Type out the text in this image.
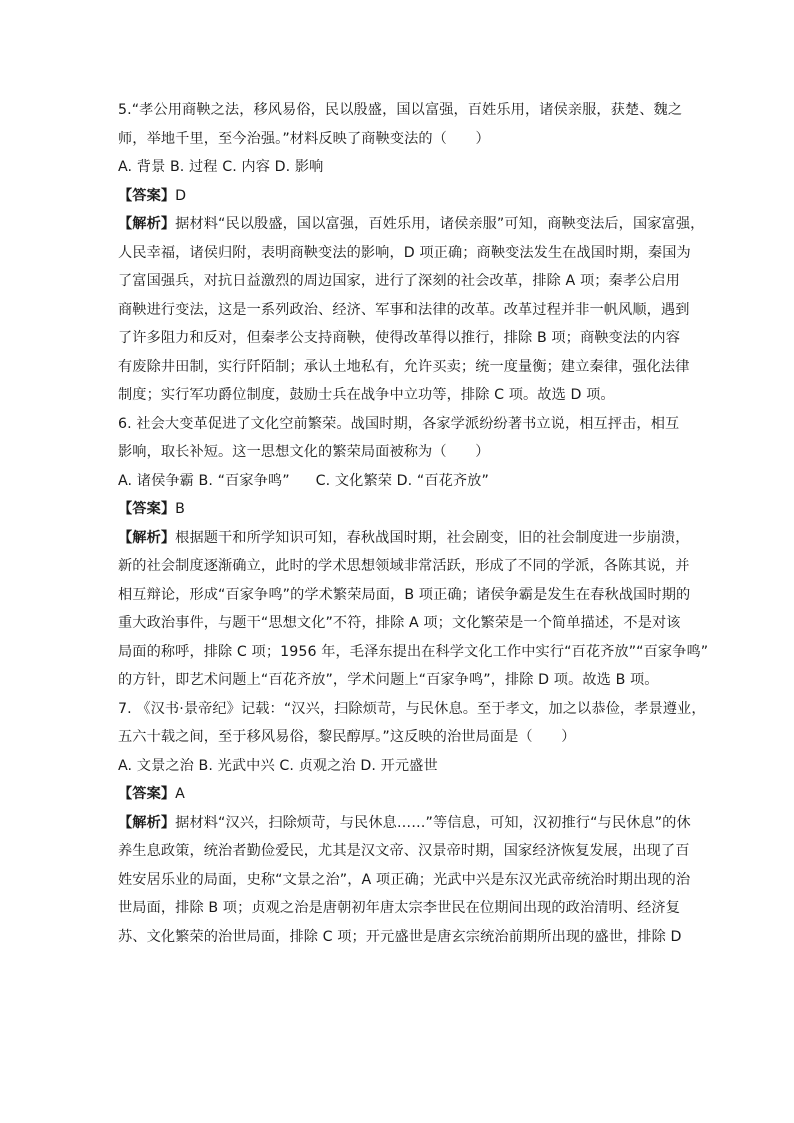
5.“孝公用商鞅之法，移风易俗，民以殷盛，国以富强，百姓乐用，诸侯亲服，获楚、魏之
师，举地千里，至今治强。”材料反映了商鞅变法的（　　）
A. 背景 B. 过程 C. 内容 D. 影响
【答案】D
【解析】据材料“民以殷盛，国以富强，百姓乐用，诸侯亲服”可知，商鞅变法后，国家富强，
人民幸福，诸侯归附，表明商鞅变法的影响，D 项正确；商鞅变法发生在战国时期，秦国为
了富国强兵，对抗日益激烈的周边国家，进行了深刻的社会改革，排除 A 项；秦孝公启用
商鞅进行变法，这是一系列政治、经济、军事和法律的改革。改革过程并非一帆风顺，遇到
了许多阻力和反对，但秦孝公支持商鞅，使得改革得以推行，排除 B 项；商鞅变法的内容
有废除井田制，实行阡陌制；承认土地私有，允许买卖；统一度量衡；建立秦律，强化法律
制度；实行军功爵位制度，鼓励士兵在战争中立功等，排除 C 项。故选 D 项。
6. 社会大变革促进了文化空前繁荣。战国时期，各家学派纷纷著书立说，相互抨击，相互
影响，取长补短。这一思想文化的繁荣局面被称为（　　）
A. 诸侯争霸 B. “百家争鸣” C. 文化繁荣 D. “百花齐放”
【答案】B
【解析】根据题干和所学知识可知，春秋战国时期，社会剧变，旧的社会制度进一步崩溃，
新的社会制度逐渐确立，此时的学术思想领域非常活跃，形成了不同的学派，各陈其说，并
相互辩论，形成“百家争鸣”的学术繁荣局面，B 项正确；诸侯争霸是发生在春秋战国时期的
重大政治事件，与题干“思想文化”不符，排除 A 项；文化繁荣是一个简单描述，不是对该
局面的称呼，排除 C 项；1956 年，毛泽东提出在科学文化工作中实行“百花齐放”“百家争鸣”
的方针，即艺术问题上“百花齐放”，学术问题上“百家争鸣”，排除 D 项。故选 B 项。
7. 《汉书·景帝纪》记载：“汉兴，扫除烦苛，与民休息。至于孝文，加之以恭俭，孝景遵业，
五六十载之间，至于移风易俗，黎民醇厚。”这反映的治世局面是（　　）
A. 文景之治 B. 光武中兴 C. 贞观之治 D. 开元盛世
【答案】A
【解析】据材料“汉兴，扫除烦苛，与民休息……”等信息，可知，汉初推行“与民休息”的休
养生息政策，统治者勤俭爱民，尤其是汉文帝、汉景帝时期，国家经济恢复发展，出现了百
姓安居乐业的局面，史称“文景之治”，A 项正确；光武中兴是东汉光武帝统治时期出现的治
世局面，排除 B 项；贞观之治是唐朝初年唐太宗李世民在位期间出现的政治清明、经济复
苏、文化繁荣的治世局面，排除 C 项；开元盛世是唐玄宗统治前期所出现的盛世，排除 D
